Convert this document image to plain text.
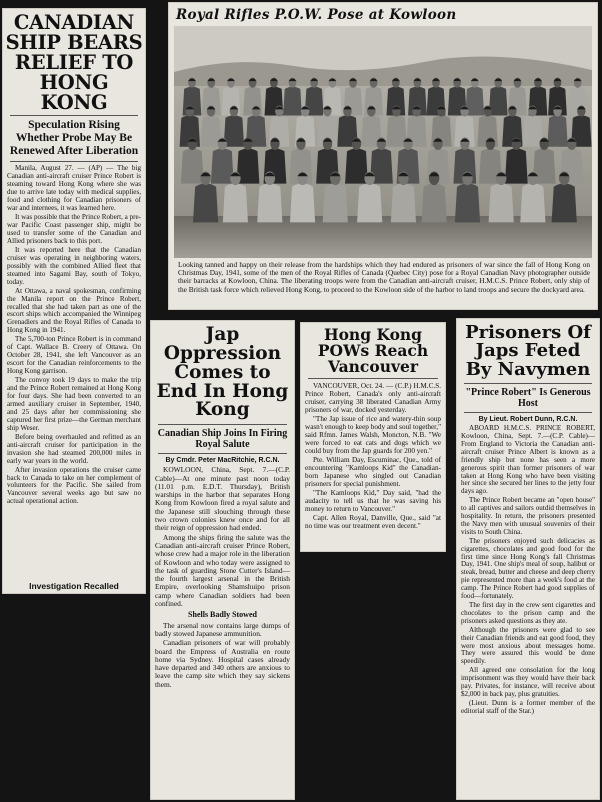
CANADIAN SHIP BEARS RELIEF TO HONG KONG
Speculation Rising Whether Probe May Be Renewed After Liberation

Manila, August 27. — (AP) — The big Canadian anti-aircraft cruiser Prince Robert is steaming toward Hong Kong where she was due to arrive late today with medical supplies, food and clothing for Canadian prisoners of war and internees, it was learned here.

It was possible that the Prince Robert, a pre-war Pacific Coast passenger ship, might be used to transfer some of the Canadian and Allied prisoners back to this port.

It was reported here that the Canadian cruiser was operating in neighboring waters, possibly with the combined Allied fleet that steamed into Sagami Bay, south of Tokyo, today.

At Ottawa, a naval spokesman, confirming the Manila report on the Prince Robert, recalled that she had taken part as one of the escort ships which accompanied the Winnipeg Grenadiers and the Royal Rifles of Canada to Hong Kong in 1941.

The 5,700-ton Prince Robert is in command of Capt. Wallace B. Creery of Ottawa. On October 28, 1941, she left Vancouver as an escort for the Canadian reinforcements to the Hong Kong garrison.

The convoy took 19 days to make the trip and the Prince Robert remained at Hong Kong for four days. She had been converted to an armed auxiliary cruiser in September, 1940, and 25 days after her commissioning she captured her first prize—the German merchant ship Weser.

Before being overhauled and refitted as an anti-aircraft cruiser for participation in the invasion she had steamed 200,000 miles in early war years in the world.

After invasion operations the cruiser came back to Canada to take on her complement of volunteers for the Pacific. She sailed from Vancouver several weeks ago but saw no actual operational action.

Investigation Recalled
Royal Rifles P.O.W. Pose at Kowloon
Looking tanned and happy on their release from the hardships which they had endured as prisoners of war since the fall of Hong Kong on Christmas Day, 1941, some of the men of the Royal Rifles of Canada (Quebec City) pose for a Royal Canadian Navy photographer outside their barracks at Kowloon, China. The liberating troops were from the Canadian anti-aircraft cruiser, H.M.C.S. Prince Robert, only ship of the British task force which relieved Hong Kong, to proceed to the Kowloon side of the harbor to land troops and secure the dockyard area.
Jap Oppression Comes to End In Hong Kong
Canadian Ship Joins In Firing Royal Salute
By Cmdr. Peter MacRitchie, R.C.N.

KOWLOON, China, Sept. 7.—(C.P. Cable)—At one minute past noon today (11.01 p.m. E.D.T. Thursday), British warships in the harbor that separates Hong Kong from Kowloon fired a royal salute and the Japanese still slouching through these two crown colonies knew once and for all their reign of oppression had ended.

Among the ships firing the salute was the Canadian anti-aircraft cruiser Prince Robert, whose crew had a major role in the liberation of Kowloon and who today were assigned to the task of guarding Stone Cutter's Island—the fourth largest arsenal in the British Empire, overlooking Shamshuipo prison camp where Canadian soldiers had been confined.

Shells Badly Stowed

The arsenal now contains large dumps of badly stowed Japanese ammunition.

Canadian prisoners of war will probably board the Empress of Australia en route home via Sydney. Hospital cases already have departed and 340 others are anxious to leave the camp site which they say sickens them.

Hong Kong POWs Reach Vancouver

VANCOUVER, Oct. 24. — (C.P.) H.M.C.S. Prince Robert, Canada's only anti-aircraft cruiser, carrying 38 liberated Canadian Army prisoners of war, docked yesterday.

"The Jap issue of rice and watery-thin soup wasn't enough to keep body and soul together," said Rfmn. James Walsh, Moncton, N.B. "We were forced to eat cats and dogs which we could buy from the Jap guards for 200 yen."

Pte. William Day, Escuminac, Que., told of encountering "Kamloops Kid" the Canadian-born Japanese who singled out Canadian prisoners for special punishment.

"The Kamloops Kid," Day said, "had the audacity to tell us that he was saving his money to return to Vancouver."

Capt. Allen Royal, Danville, Que., said "at no time was our treatment even decent."

Prisoners Of Japs Feted By Navymen
"Prince Robert" Is Generous Host
By Lieut. Robert Dunn, R.C.N.

ABOARD H.M.C.S. PRINCE ROBERT, Kowloon, China, Sept. 7.—(C.P. Cable)—From England to Victoria the Canadian anti-aircraft cruiser Prince Albert is known as a friendly ship but none has seen a more generous spirit than former prisoners of war taken at Hong Kong who have been visiting her since she secured her lines to the jetty four days ago.

The Prince Robert became an "open house" to all captives and sailors outdid themselves in hospitality. In return, the prisoners presented the Navy men with unusual souvenirs of their visits to South China.

The prisoners enjoyed such delicacies as cigarettes, chocolates and good food for the first time since Hong Kong's fall Christmas Day, 1941. One ship's meal of soup, halibut or steak, bread, butter and cheese and deep cherry pie represented more than a week's food at the camp. The Prince Robert had good supplies of food—fortunately.

The first day in the crew sent cigarettes and chocolates to the prison camp and the prisoners asked questions as they ate.

Although the prisoners were glad to see their Canadian friends and eat good food, they were most anxious about messages home. They were assured this would be done speedily.

All agreed one consolation for the long imprisonment was they would have their back pay. Privates, for instance, will receive about $2,000 in back pay, plus gratuities.

(Lieut. Dunn is a former member of the editorial staff of the Star.)
